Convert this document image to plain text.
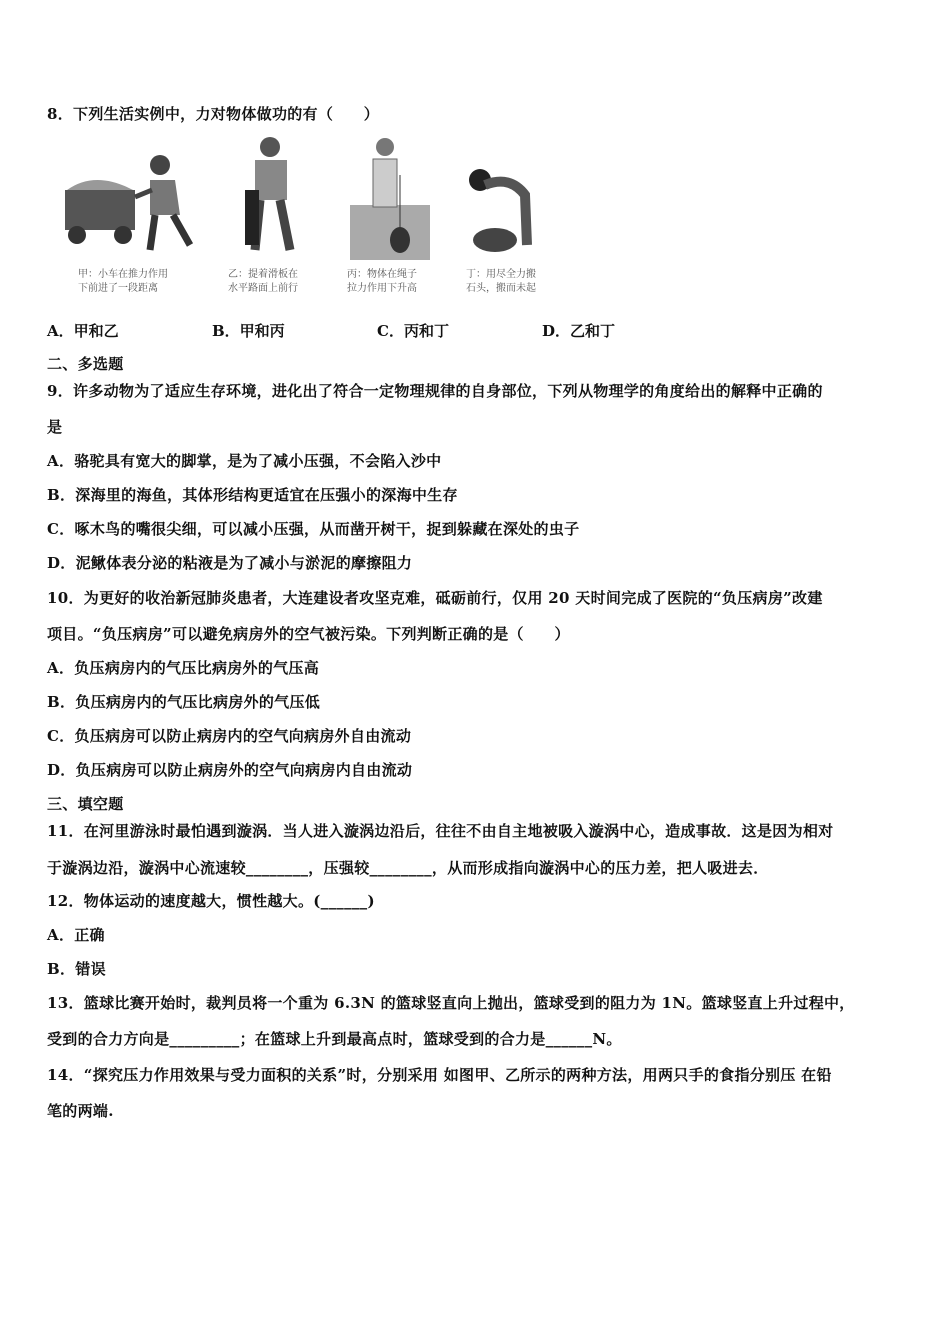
8．下列生活实例中，力对物体做功的有（　　）
甲：小车在推力作用
下前进了一段距离
乙：提着滑板在
水平路面上前行
丙：物体在绳子
拉力作用下升高
丁：用尽全力搬
石头，搬而未起
A．甲和乙	B．甲和丙	C．丙和丁	D．乙和丁
二、多选题
9．许多动物为了适应生存环境，进化出了符合一定物理规律的自身部位，下列从物理学的角度给出的解释中正确的
是
A．骆驼具有宽大的脚掌，是为了减小压强，不会陷入沙中
B．深海里的海鱼，其体形结构更适宜在压强小的深海中生存
C．啄木鸟的嘴很尖细，可以减小压强，从而凿开树干，捉到躲藏在深处的虫子
D．泥鳅体表分泌的粘液是为了减小与淤泥的摩擦阻力
10．为更好的收治新冠肺炎患者，大连建设者攻坚克难，砥砺前行，仅用 20 天时间完成了医院的“负压病房”改建
项目。“负压病房”可以避免病房外的空气被污染。下列判断正确的是（　　）
A．负压病房内的气压比病房外的气压高
B．负压病房内的气压比病房外的气压低
C．负压病房可以防止病房内的空气向病房外自由流动
D．负压病房可以防止病房外的空气向病房内自由流动
三、填空题
11．在河里游泳时最怕遇到漩涡．当人进入漩涡边沿后，往往不由自主地被吸入漩涡中心，造成事故．这是因为相对
于漩涡边沿，漩涡中心流速较________，压强较________，从而形成指向漩涡中心的压力差，把人吸进去．
12．物体运动的速度越大，惯性越大。(______)
A．正确
B．错误
13．篮球比赛开始时，裁判员将一个重为 6.3N 的篮球竖直向上抛出，篮球受到的阻力为 1N。篮球竖直上升过程中，
受到的合力方向是_________；在篮球上升到最高点时，篮球受到的合力是______N。
14．“探究压力作用效果与受力面积的关系”时，分别采用 如图甲、乙所示的两种方法，用两只手的食指分别压 在铅
笔的两端.
